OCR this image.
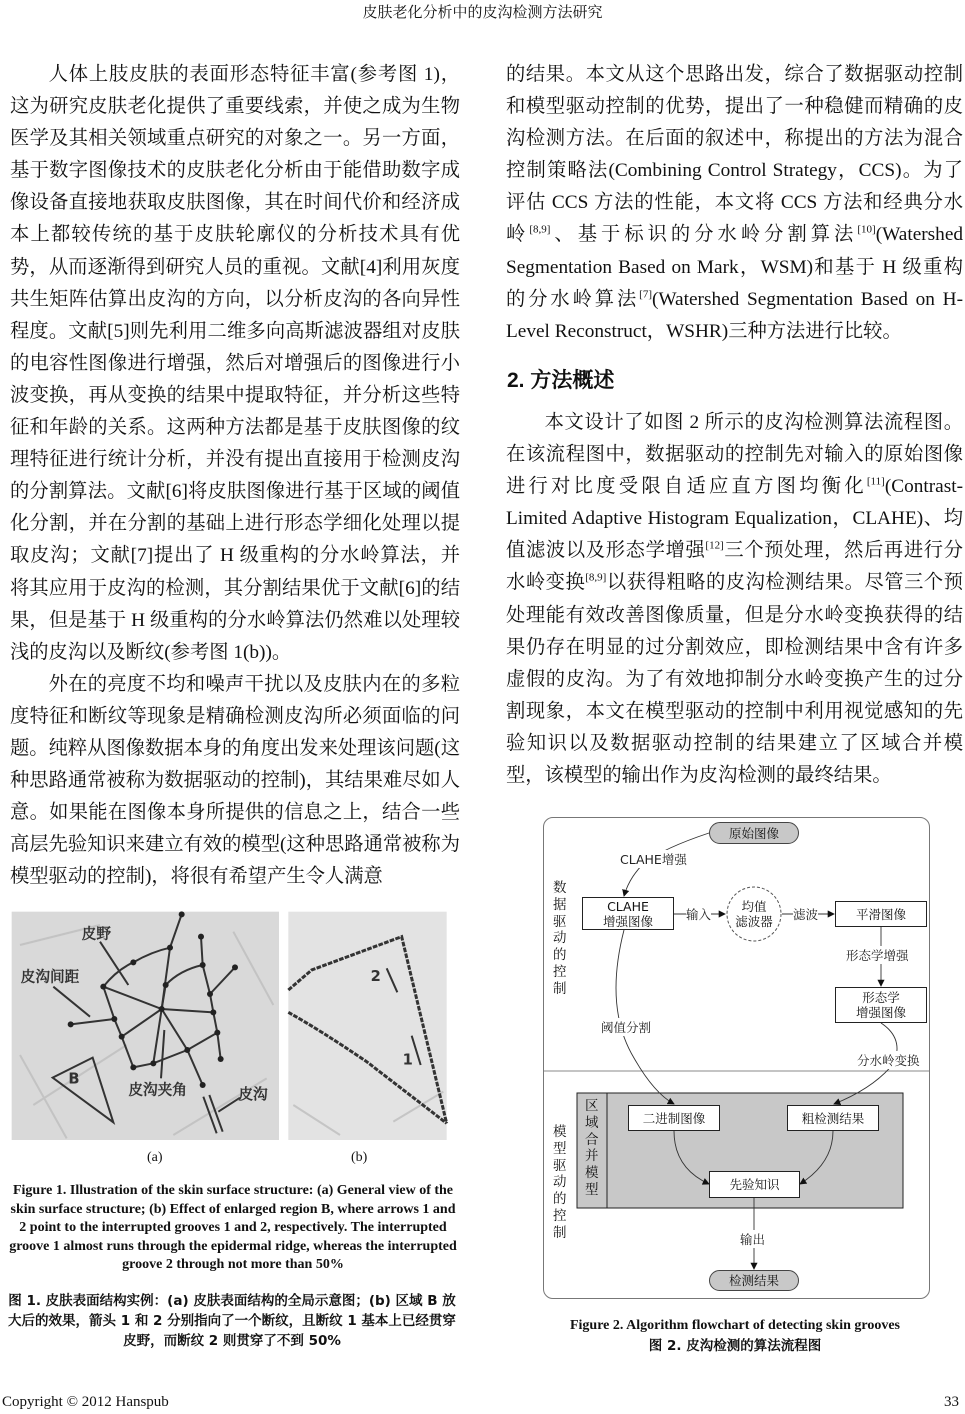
皮肤老化分析中的皮沟检测方法研究

人体上肢皮肤的表面形态特征丰富(参考图 1)，这为研究皮肤老化提供了重要线索，并使之成为生物医学及其相关领域重点研究的对象之一。另一方面，基于数字图像技术的皮肤老化分析由于能借助数字成像设备直接地获取皮肤图像，其在时间代价和经济成本上都较传统的基于皮肤轮廓仪的分析技术具有优势，从而逐渐得到研究人员的重视。文献[4]利用灰度共生矩阵估算出皮沟的方向，以分析皮沟的各向异性程度。文献[5]则先利用二维多向高斯滤波器组对皮肤的电容性图像进行增强，然后对增强后的图像进行小波变换，再从变换的结果中提取特征，并分析这些特征和年龄的关系。这两种方法都是基于皮肤图像的纹理特征进行统计分析，并没有提出直接用于检测皮沟的分割算法。文献[6]将皮肤图像进行基于区域的阈值化分割，并在分割的基础上进行形态学细化处理以提取皮沟；文献[7]提出了 H 级重构的分水岭算法，并将其应用于皮沟的检测，其分割结果优于文献[6]的结果，但是基于 H 级重构的分水岭算法仍然难以处理较浅的皮沟以及断纹(参考图 1(b))。

外在的亮度不均和噪声干扰以及皮肤内在的多粒度特征和断纹等现象是精确检测皮沟所必须面临的问题。纯粹从图像数据本身的角度出发来处理该问题(这种思路通常被称为数据驱动的控制)，其结果难尽如人意。如果能在图像本身所提供的信息之上，结合一些高层先验知识来建立有效的模型(这种思路通常被称为模型驱动的控制)，将很有希望产生令人满意

的结果。本文从这个思路出发，综合了数据驱动控制和模型驱动控制的优势，提出了一种稳健而精确的皮沟检测方法。在后面的叙述中，称提出的方法为混合控制策略法(Combining Control Strategy，CCS)。为了评估 CCS 方法的性能，本文将 CCS 方法和经典分水岭[8,9]、基于标识的分水岭分割算法[10](Watershed Segmentation Based on Mark，WSM)和基于 H 级重构的分水岭算法[7](Watershed Segmentation Based on H-Level Reconstruct，WSHR)三种方法进行比较。

2. 方法概述

本文设计了如图 2 所示的皮沟检测算法流程图。在该流程图中，数据驱动的控制先对输入的原始图像进行对比度受限自适应直方图均衡化[11](Contrast-Limited Adaptive Histogram Equalization，CLAHE)、均值滤波以及形态学增强[12]三个预处理，然后再进行分水岭变换[8,9]以获得粗略的皮沟检测结果。尽管三个预处理能有效改善图像质量，但是分水岭变换获得的结果仍存在明显的过分割效应，即检测结果中含有许多虚假的皮沟。为了有效地抑制分水岭变换产生的过分割现象，本文在模型驱动的控制中利用视觉感知的先验知识以及数据驱动控制的结果建立了区域合并模型，该模型的输出作为皮沟检测的最终结果。

皮野
皮沟间距
B
皮沟夹角 皮沟
2
1
(a)	(b)
Figure 1. Illustration of the skin surface structure: (a) General view of the skin surface structure; (b) Effect of enlarged region B, where arrows 1 and 2 point to the interrupted grooves 1 and 2, respectively. The interrupted groove 1 almost runs through the epidermal ridge, whereas the interrupted groove 2 through not more than 50%
图 1. 皮肤表面结构实例：(a) 皮肤表面结构的全局示意图；(b) 区域 B 放大后的效果，箭头 1 和 2 分别指向了一个断纹，且断纹 1 基本上已经贯穿皮野，而断纹 2 则贯穿了不到 50%
数据驱动的控制
模型驱动的控制
区域合并模型
原始图像
CLAHE
增强图像
均值
滤波器	平滑图像
形态学
增强图像
二进制图像	粗检测结果
先验知识
检测结果
CLAHE增强
输入	滤波
形态学增强
阈值分割
分水岭变换
输出
Figure 2. Algorithm flowchart of detecting skin grooves
图 2. 皮沟检测的算法流程图
Copyright © 2012 Hanspub	33
